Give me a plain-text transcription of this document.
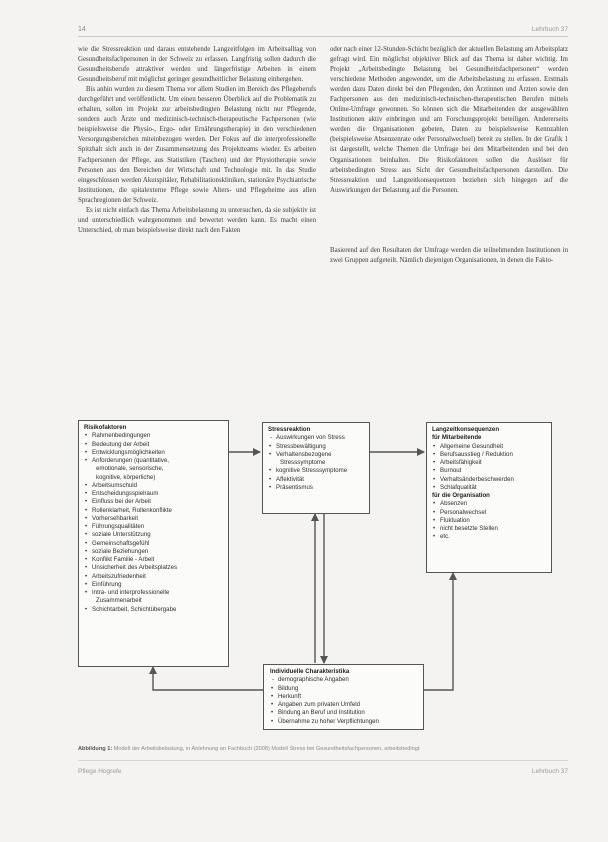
14	Lehrbuch 37

wie die Stressreaktion und daraus entstehende Langzeitfolgen im Arbeitsalltag von Gesundheitsfachpersonen in der Schweiz zu erfassen. Langfristig sollen dadurch die Gesundheitsberufe attraktiver werden und längerfristige Arbeiten in einem Gesundheitsberuf mit möglichst geringer gesundheitlicher Belastung einhergehen.

Bis anhin wurden zu diesem Thema vor allem Studien im Bereich des Pflegeberufs durchgeführt und veröffentlicht. Um einen besseren Überblick auf die Problematik zu erhalten, sollen im Projekt zur arbeitsbedingten Belastung nicht nur Pflegende, sondern auch Ärzte und medizinisch-technisch-therapeutische Fachpersonen (wie beispielsweise die Physio-, Ergo- oder Ernährungstherapie) in den verschiedenen Versorgungsbereichen miteinbezogen werden. Der Fokus auf die interprofessionelle Spitzhalt sich auch in der Zusammensetzung des Projektteams wieder. Es arbeiten Fachpersonen der Pflege, aus Statistiken (Taschen) und der Physiotherapie sowie Personen aus den Bereichen der Wirtschaft und Technologie mit. In das Studie eingeschlossen werden Akutspitäler, Rehabilitationskliniken, stationäre Psychiatrische Institutionen, die spitalexterne Pflege sowie Alters- und Pflegeheime aus allen Sprachregionen der Schweiz.

Es ist nicht einfach das Thema Arbeitsbelastung zu untersuchen, da sie subjektiv ist und unterschiedlich wahrgenommen und bewertet werden kann. Es macht einen Unterschied, ob man beispielsweise direkt nach den Fakten

oder nach einer 12-Stunden-Schicht bezüglich der aktuellen Belastung am Arbeitsplatz gefragt wird. Ein möglichst objektiver Blick auf das Thema ist daher wichtig. Im Projekt „Arbeitsbedingte Belastung bei Gesundheitsfachpersonen“ werden verschiedene Methoden angewendet, um die Arbeitsbelastung zu erfassen. Erstmals werden dazu Daten direkt bei den Pflegenden, den Ärztinnen und Ärzten sowie den Fachpersonen aus den medizinisch-technischen-therapeutischen Berufen mittels Online-Umfrage gewonnen. So können sich die Mitarbeitenden der ausgewählten Institutionen aktiv einbringen und am Forschungsprojekt beteiligen. Andererseits werden die Organisationen gebeten, Daten zu beispielsweise Kennzahlen (beispielsweise Absenzenrate oder Personalwechsel) bereit zu stellen. In der Grafik 1 ist dargestellt, welche Themen die Umfrage bei den Mitarbeitenden und bei den Organisationen beinhalten. Die Risikofaktoren sollen die Auslöser für arbeitsbedingten Stress aus Sicht der Gesundheitsfachpersonen darstellen. Die Stressreaktion und Langzeitkonsequenzen beziehen sich hingegen auf die Auswirkungen der Belastung auf die Personen.

Basierend auf den Resultaten der Umfrage werden die teilnehmenden Institutionen in zwei Gruppen aufgeteilt. Nämlich diejenigen Organisationen, in denen die Fakto-

Risikofaktoren
• Rahmenbedingungen
• Bedeutung der Arbeit
• Entwicklungsmöglichkeiten
• Anforderungen (quantitative,
emotionale, sensorische,
kognitive, körperliche)
• Arbeitsumschuld
• Entscheidungsspielraum
• Einfluss bei der Arbeit
• Rollenklarheit, Rollenkonflikte
• Vorhersehbarkeit
• Führungsqualitäten
• soziale Unterstützung
• Gemeinschaftsgefühl
• soziale Beziehungen
• Konflikt Familie - Arbeit
• Unsicherheit des Arbeitsplatzes
• Arbeitszufriedenheit
• Einführung
• Intra- und interprofessionelle
Zusammenarbeit
• Schichtarbeit, Schichtübergabe
Stressreaktion
- Auswirkungen von Stress
• Stressbewältigung
• Verhaltensbezogene
Stresssymptome
• kognitive Stresssymptome
• Affektivität
• Präsentismus
Langzeitkonsequenzen
für Mitarbeitende
• Allgemeine Gesundheit
• Berufsausstieg / Reduktion
• Arbeitsfähigkeit
• Burnout
• Verhaltsänderbeschwerden
• Schlafqualität
für die Organisation
• Absenzen
• Personalwechsel
• Fluktuation
• nicht besetzte Stellen
• etc.
Individuelle Charakteristika
- demographische Angaben
• Bildung
• Herkunft
• Angaben zum privaten Umfeld
• Bindung an Beruf und Institution
• Übernahme zu hoher Verpflichtungen
Abbildung 1: Modell der Arbeitsbelastung, in Anlehnung an Fachbuch (2008) Modell Stress bei Gesundheitsfachpersonen, arbeitsbedingt
Pflege Hogrefe	Lehrbuch 37
